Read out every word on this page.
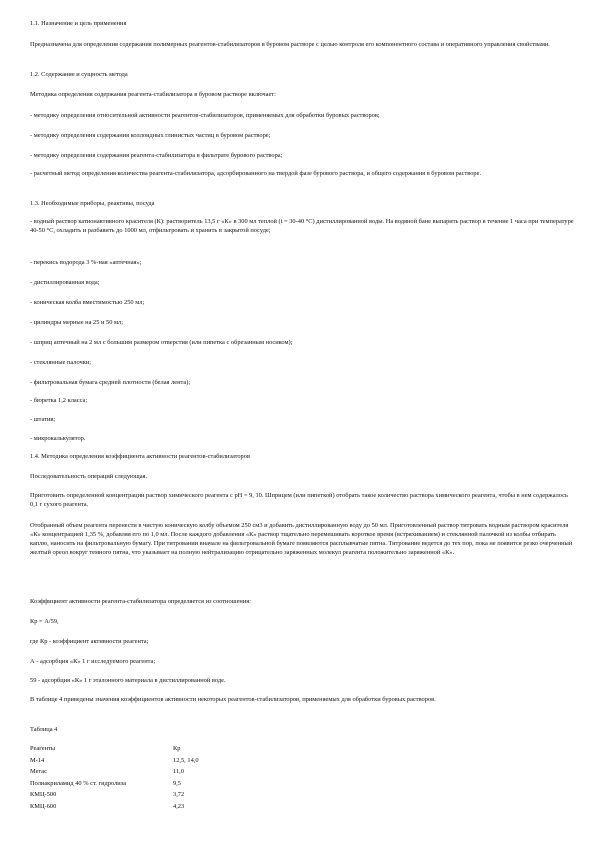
1.1. Назначение и цель применения

Предназначена для определения содержания полимерных реагентов-стабилизаторов в буровом растворе с целью контроля его компонентного состава и оперативного управления свойствами.

1.2. Содержание и сущность метода

Методика определения содержания реагента-стабилизатора в буровом растворе включает:

- методику определения относительной активности реагентов-стабилизаторов, применяемых для обработки буровых растворов;

- методику определения содержания коллоидных глинистых частиц в буровом растворе;

- методику определения содержания реагента-стабилизатора в фильтрате бурового раствора;

- расчетный метод определения количества реагента-стабилизатора, адсорбированного на твердой фазе бурового раствора, и общего содержания в буровом растворе.

1.3. Необходимые приборы, реактивы, посуда

- водный раствор катионактивного красителя (К): растворитель 13,5 г «К» в 300 мл теплой (t = 30-40 °С) дистиллированной воды. На водяной бане выпарить раствор в течение 1 часа при температуре 40-50 °С, охладить и разбавить до 1000 мл, отфильтровать и хранить в закрытой посуде;

- перекись водорода 3 %-ная «аптечная»;

- дистиллированная вода;

- коническая колба вместимостью 250 мл;

- цилиндры мерные на 25 и 50 мл;

- шприц аптечный на 2 мл с большим размером отверстия (или пипетка с обрезанным носиком);

- стеклянные палочки;

- фильтровальная бумага средней плотности (белая лента);

- бюретка 1,2 класса;

- штатив;

- микрокалькулятор.

1.4. Методика определения коэффициента активности реагентов-стабилизаторов

Последовательность операций следующая.

Приготовить определенной концентрации раствор химического реагента с рН = 9, 10. Шприцем (или пипеткой) отобрать такое количество раствора химического реагента, чтобы в нем содержалось 0,1 г сухого реагента.

Отобранный объем реагента перенести в чистую коническую колбу объемом 250 см3 и добавить дистиллированную воду до 50 мл. Приготовленный раствор титровать водным раствором красителя «К» концентрацией 1,35 %, добавляя его по 1,0 мл. После каждого добавления «К» раствор тщательно перемешивать короткое время (встряхиванием) и стеклянной палочкой из колбы отбирать каплю, наносить на фильтровальную бумагу. При титровании вначале на фильтровальной бумаге появляются расплывчатые пятна. Титрование ведется до тех пор, пока не появится резко очерченный желтый ореол вокруг темного пятна, что указывает на полную нейтрализацию отрицательно заряженных молекул реагента положительно заряженной «К».

Коэффициент активности реагента-стабилизатора определяется из соотношения:

Кр = А/59,

где Кр - коэффициент активности реагента;

А - адсорбция «К» 1 г исследуемого реагента;

59 - адсорбция «К» 1 г эталонного материала в дистиллированной воде.

В таблице 4 приведены значения коэффициентов активности некоторых реагентов-стабилизаторов, применяемых для обработки буровых растворов.

Таблица 4

Реагенты	Кр
М-14	12,5, 14,0
Метас	11,0
Полиакриламид 40 % ст. гидролиза	9,5
КМЦ-500	3,72
КМЦ-600	4,23
